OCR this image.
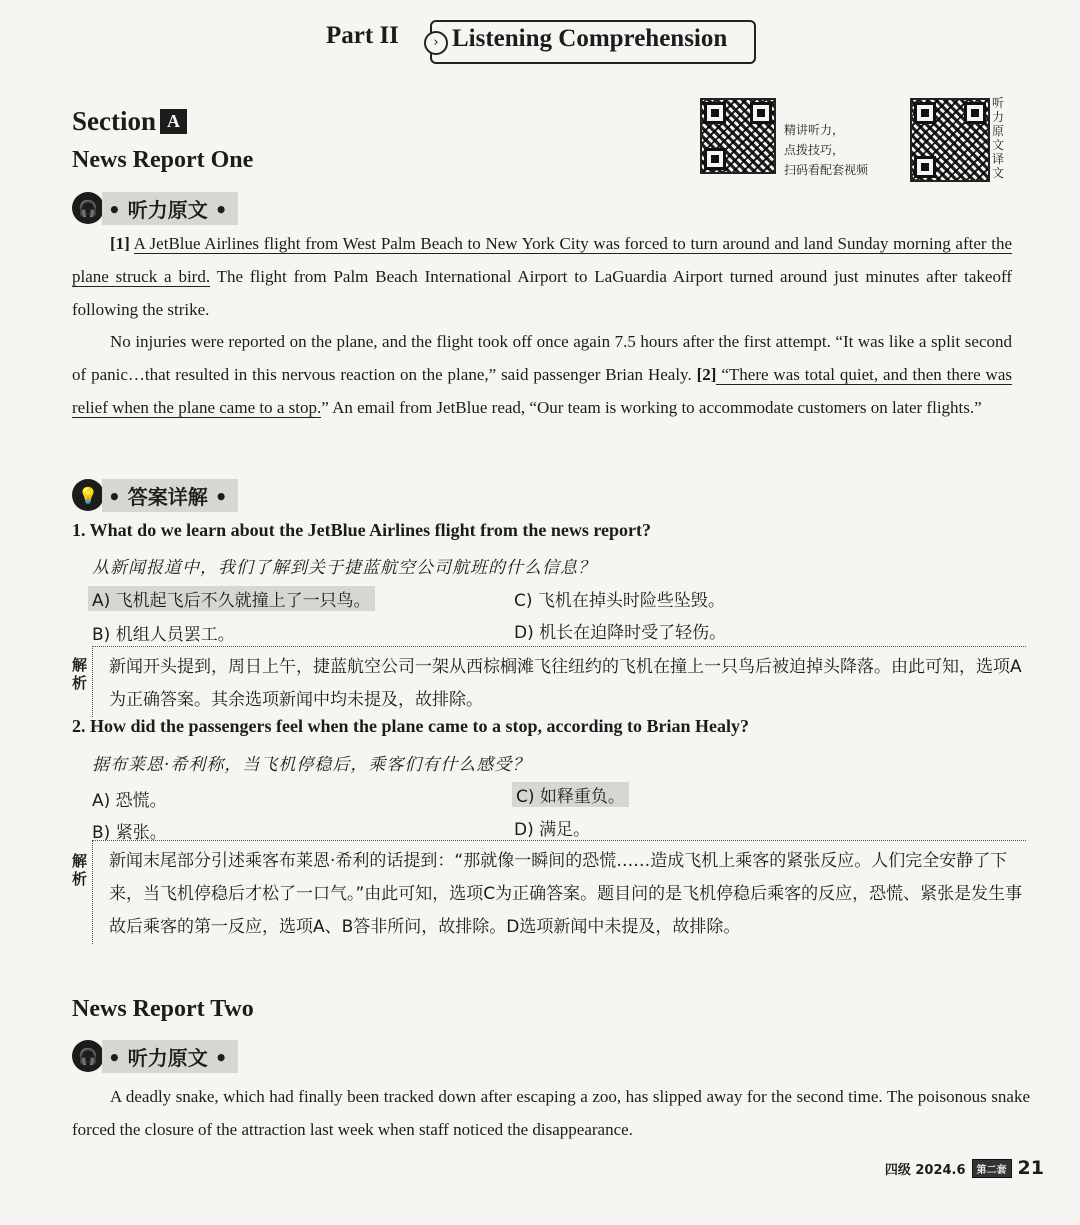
Part II	› Listening Comprehension
Section A	精讲听力，
点拨技巧，
扫码看配套视频
听力原文译文
News Report One
🎧 • 听力原文 •
[1] A JetBlue Airlines flight from West Palm Beach to New York City was forced to turn around and land Sunday morning after the plane struck a bird. The flight from Palm Beach International Airport to LaGuardia Airport turned around just minutes after takeoff following the strike.
No injuries were reported on the plane, and the flight took off once again 7.5 hours after the first attempt. “It was like a split second of panic…that resulted in this nervous reaction on the plane,” said passenger Brian Healy. [2] “There was total quiet, and then there was relief when the plane came to a stop.” An email from JetBlue read, “Our team is working to accommodate customers on later flights.”
💡 • 答案详解 •
1. What do we learn about the JetBlue Airlines flight from the news report?
从新闻报道中，我们了解到关于捷蓝航空公司航班的什么信息？
A) 飞机起飞后不久就撞上了一只鸟。	C) 飞机在掉头时险些坠毁。
B) 机组人员罢工。	D) 机长在迫降时受了轻伤。
解析
新闻开头提到，周日上午，捷蓝航空公司一架从西棕榈滩飞往纽约的飞机在撞上一只鸟后被迫掉头降落。由此可知，选项A为正确答案。其余选项新闻中均未提及，故排除。
2. How did the passengers feel when the plane came to a stop, according to Brian Healy?
据布莱恩·希利称，当飞机停稳后，乘客们有什么感受？
A) 恐慌。	C) 如释重负。
B) 紧张。	D) 满足。
解析
新闻末尾部分引述乘客布莱恩·希利的话提到：“那就像一瞬间的恐慌……造成飞机上乘客的紧张反应。人们完全安静了下来，当飞机停稳后才松了一口气。”由此可知，选项C为正确答案。题目问的是飞机停稳后乘客的反应，恐慌、紧张是发生事故后乘客的第一反应，选项A、B答非所问，故排除。D选项新闻中未提及，故排除。
News Report Two
🎧 • 听力原文 •
A deadly snake, which had finally been tracked down after escaping a zoo, has slipped away for the second time. The poisonous snake forced the closure of the attraction last week when staff noticed the disappearance.
四级 2024.6	第二套 21
